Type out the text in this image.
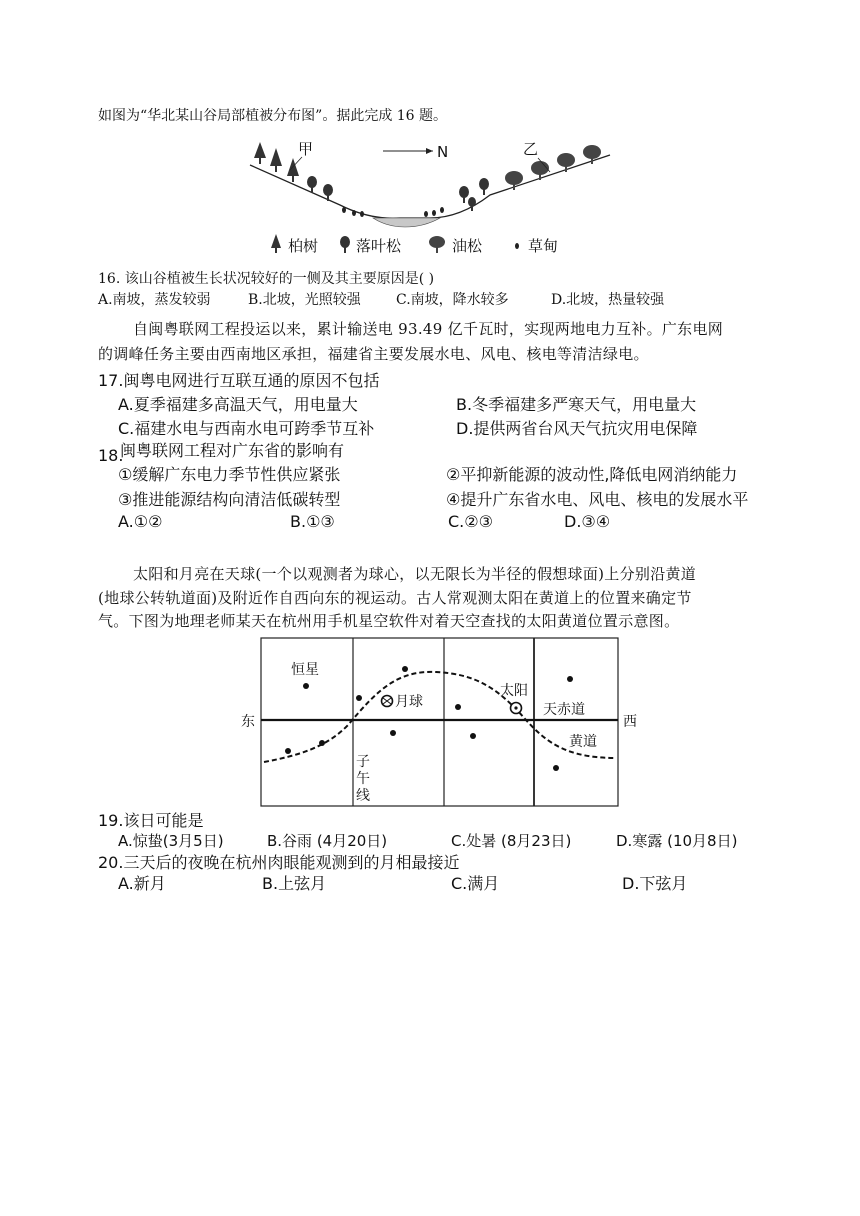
如图为“华北某山谷局部植被分布图”。据此完成 16 题。
甲	乙
N
柏树	落叶松	油松	草甸
16. 该山谷植被生长状况较好的一侧及其主要原因是( )
A.南坡，蒸发较弱	B.北坡，光照较强	C.南坡，降水较多	D.北坡，热量较强
自闽粤联网工程投运以来，累计输送电 93.49 亿千瓦时，实现两地电力互补。广东电网
的调峰任务主要由西南地区承担，福建省主要发展水电、风电、核电等清洁绿电。
17.闽粤电网进行互联互通的原因不包括
A.夏季福建多高温天气，用电量大	B.冬季福建多严寒天气，用电量大
C.福建水电与西南水电可跨季节互补	D.提供两省台风天气抗灾用电保障
18.
闽粤联网工程对广东省的影响有
①缓解广东电力季节性供应紧张	②平抑新能源的波动性,降低电网消纳能力
③推进能源结构向清洁低碳转型	④提升广东省水电、风电、核电的发展水平
A.①②	B.①③	C.②③	D.③④
太阳和月亮在天球(一个以观测者为球心，以无限长为半径的假想球面)上分别沿黄道
(地球公转轨道面)及附近作自西向东的视运动。古人常观测太阳在黄道上的位置来确定节
气。下图为地理老师某天在杭州用手机星空软件对着天空查找的太阳黄道位置示意图。
恒星
月球
太阳
天赤道
黄道
东	西
子
午
线
19.该日可能是
A.惊蛰(3月5日)	B.谷雨 (4月20日)	C.处暑 (8月23日)	D.寒露 (10月8日)
20.三天后的夜晚在杭州肉眼能观测到的月相最接近
A.新月	B.上弦月	C.满月	D.下弦月
